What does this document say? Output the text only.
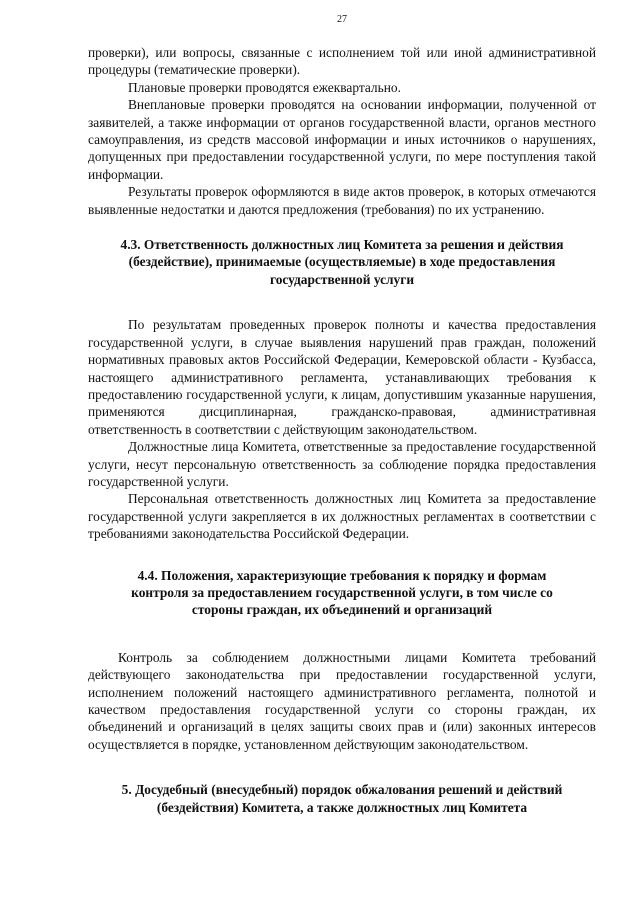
27

проверки), или вопросы, связанные с исполнением той или иной административной процедуры (тематические проверки).

Плановые проверки проводятся ежеквартально.

Внеплановые проверки проводятся на основании информации, полученной от заявителей, а также информации от органов государственной власти, органов местного самоуправления, из средств массовой информации и иных источников о нарушениях, допущенных при предоставлении государственной услуги, по мере поступления такой информации.

Результаты проверок оформляются в виде актов проверок, в которых отмечаются выявленные недостатки и даются предложения (требования) по их устранению.

4.3. Ответственность должностных лиц Комитета за решения и действия (бездействие), принимаемые (осуществляемые) в ходе предоставления государственной услуги

По результатам проведенных проверок полноты и качества предоставления государственной услуги, в случае выявления нарушений прав граждан, положений нормативных правовых актов Российской Федерации, Кемеровской области - Кузбасса, настоящего административного регламента, устанавливающих требования к предоставлению государственной услуги, к лицам, допустившим указанные нарушения, применяются дисциплинарная, гражданско-правовая, административная ответственность в соответствии с действующим законодательством.

Должностные лица Комитета, ответственные за предоставление государственной услуги, несут персональную ответственность за соблюдение порядка предоставления государственной услуги.

Персональная ответственность должностных лиц Комитета за предоставление государственной услуги закрепляется в их должностных регламентах в соответствии с требованиями законодательства Российской Федерации.

4.4. Положения, характеризующие требования к порядку и формам контроля за предоставлением государственной услуги, в том числе со стороны граждан, их объединений и организаций

Контроль за соблюдением должностными лицами Комитета требований действующего законодательства при предоставлении государственной услуги, исполнением положений настоящего административного регламента, полнотой и качеством предоставления государственной услуги со стороны граждан, их объединений и организаций в целях защиты своих прав и (или) законных интересов осуществляется в порядке, установленном действующим законодательством.

5. Досудебный (внесудебный) порядок обжалования решений и действий
(бездействия) Комитета, а также должностных лиц Комитета
